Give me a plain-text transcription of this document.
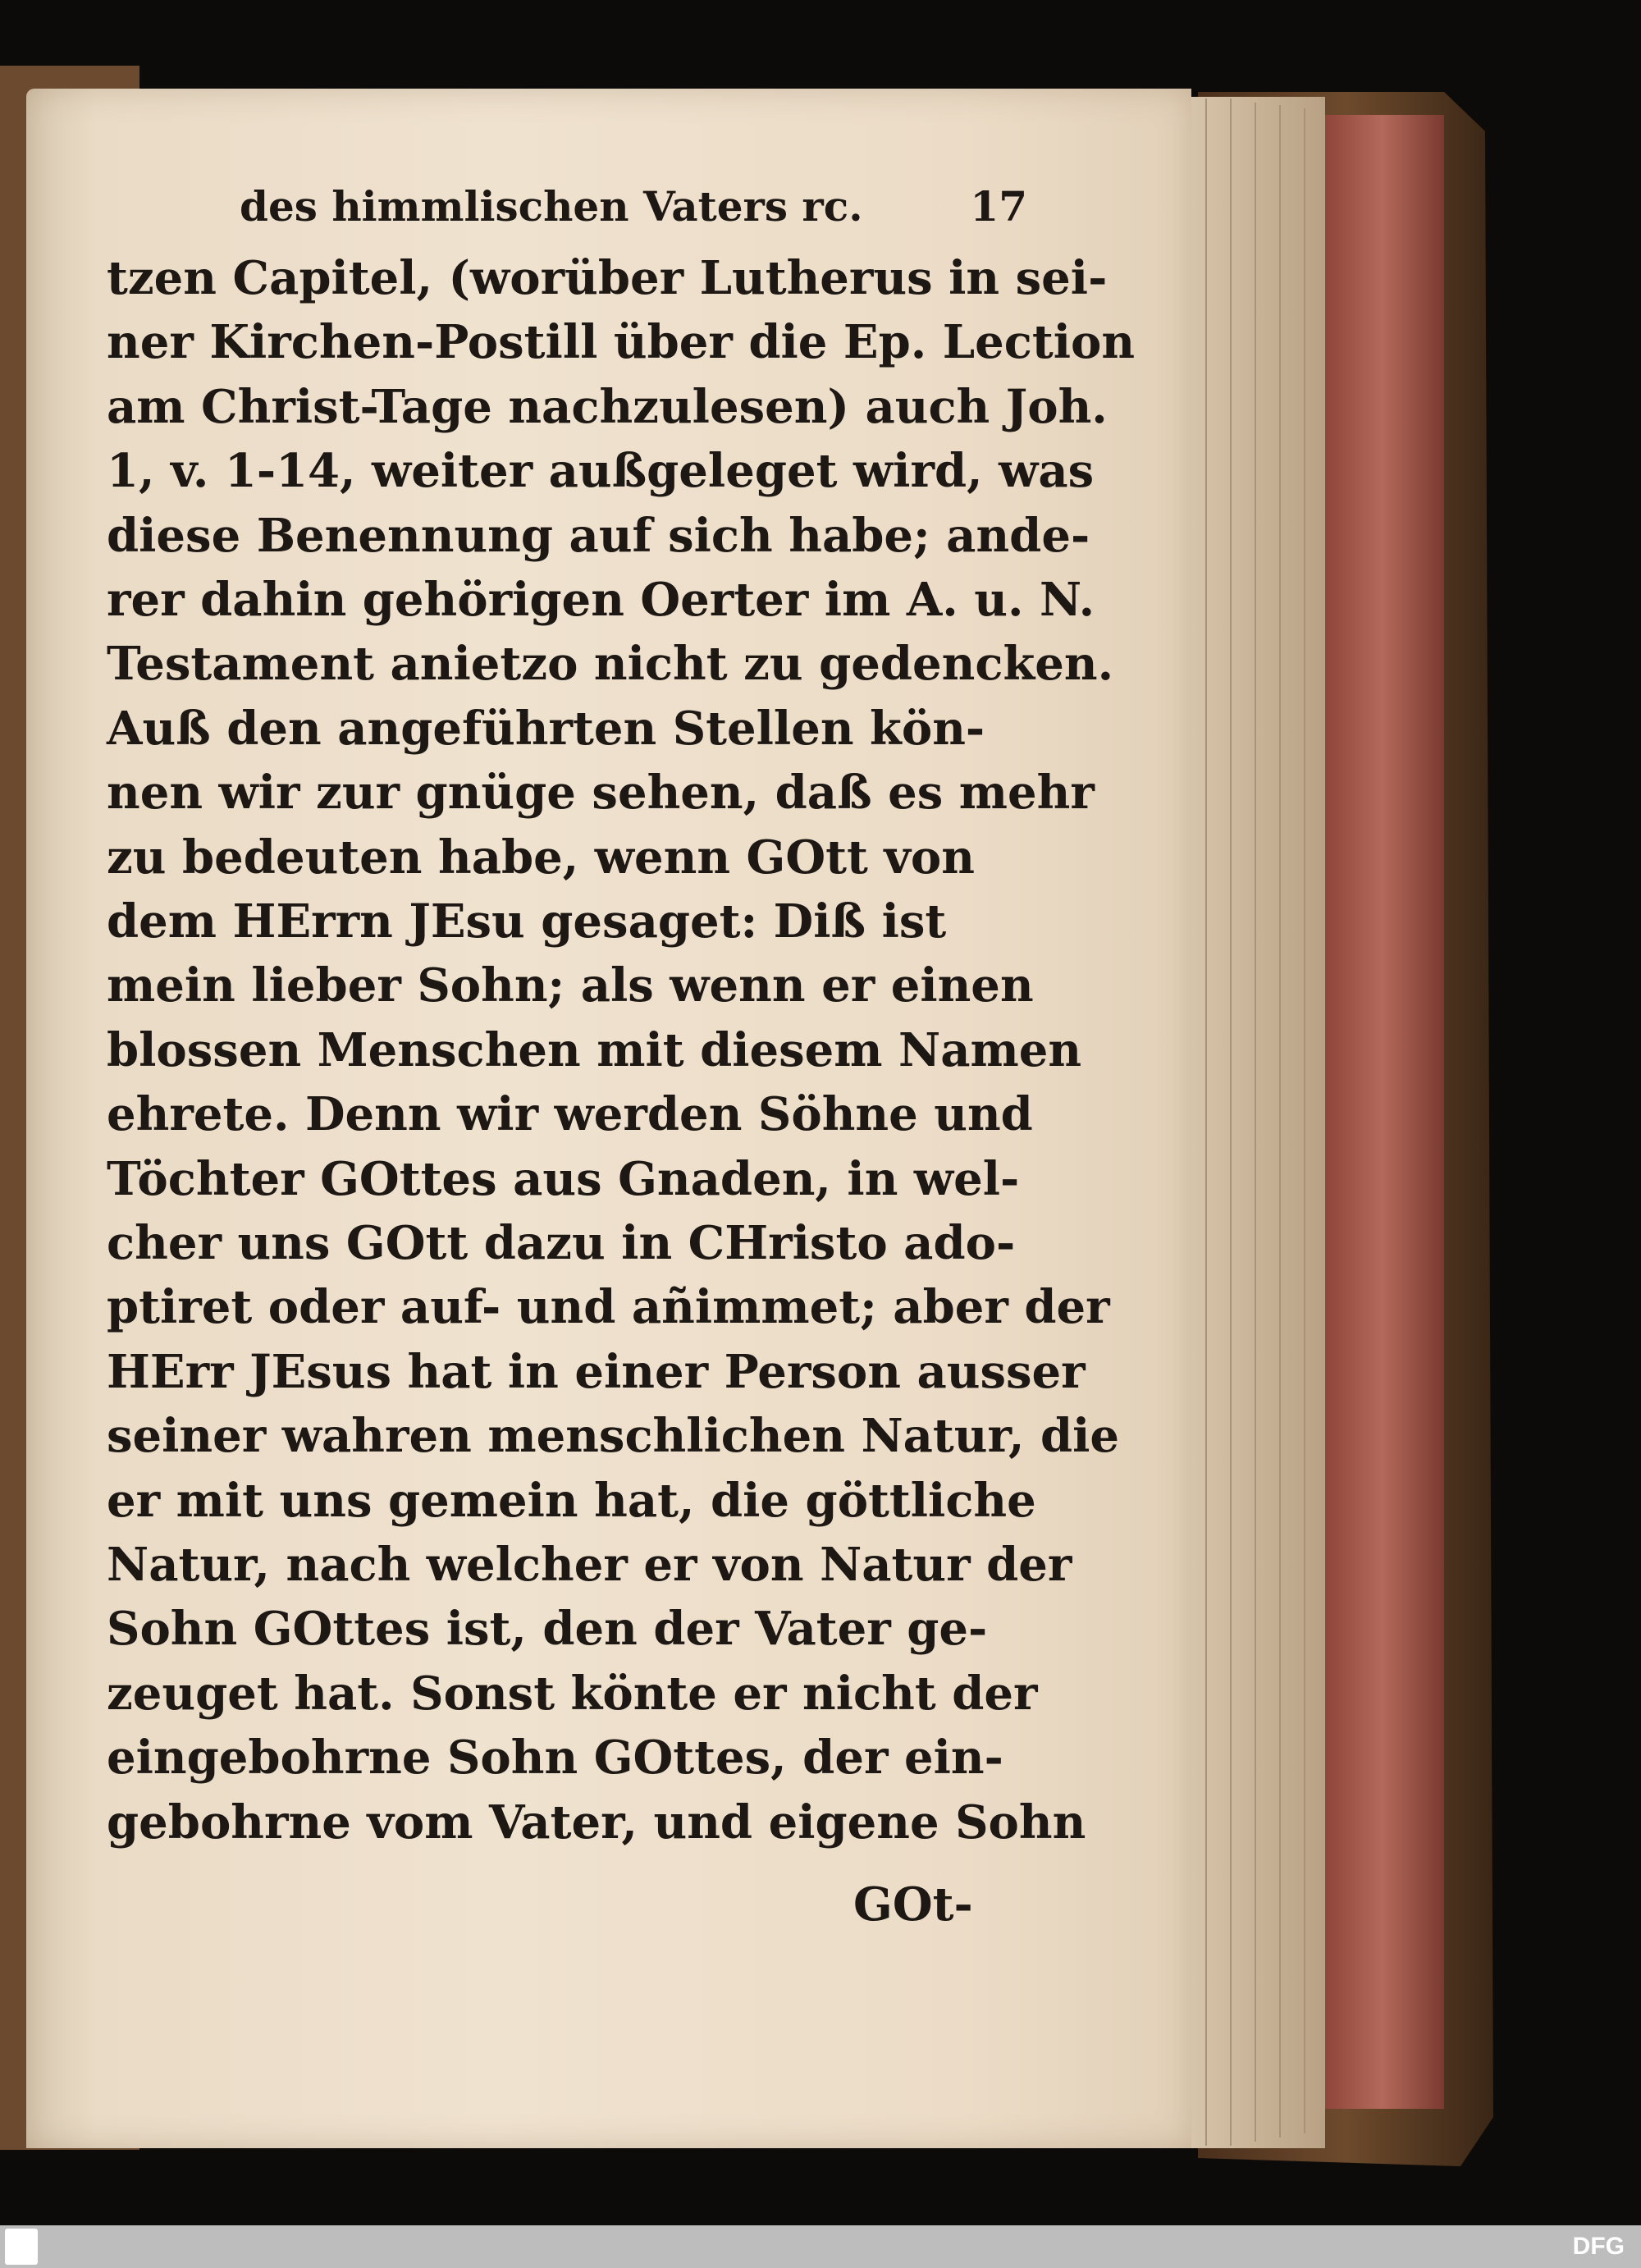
des himmlischen Vaters rc.	17
tzen Capitel, (worüber Lutherus in sei-
ner Kirchen-Postill über die Ep. Lection
am Christ-Tage nachzulesen) auch Joh.
1, v. 1-14, weiter außgeleget wird, was
diese Benennung auf sich habe; ande-
rer dahin gehörigen Oerter im A. u. N.
Testament anietzo nicht zu gedencken.
Auß den angeführten Stellen kön-
nen wir zur gnüge sehen, daß es mehr
zu bedeuten habe, wenn GOtt von
dem HErrn JEsu gesaget: Diß ist
mein lieber Sohn; als wenn er einen
blossen Menschen mit diesem Namen
ehrete. Denn wir werden Söhne und
Töchter GOttes aus Gnaden, in wel-
cher uns GOtt dazu in CHristo ado-
ptiret oder auf- und añimmet; aber der
HErr JEsus hat in einer Person ausser
seiner wahren menschlichen Natur, die
er mit uns gemein hat, die göttliche
Natur, nach welcher er von Natur der
Sohn GOttes ist, den der Vater ge-
zeuget hat. Sonst könte er nicht der
eingebohrne Sohn GOttes, der ein-
gebohrne vom Vater, und eigene Sohn
GOt-
DFG
